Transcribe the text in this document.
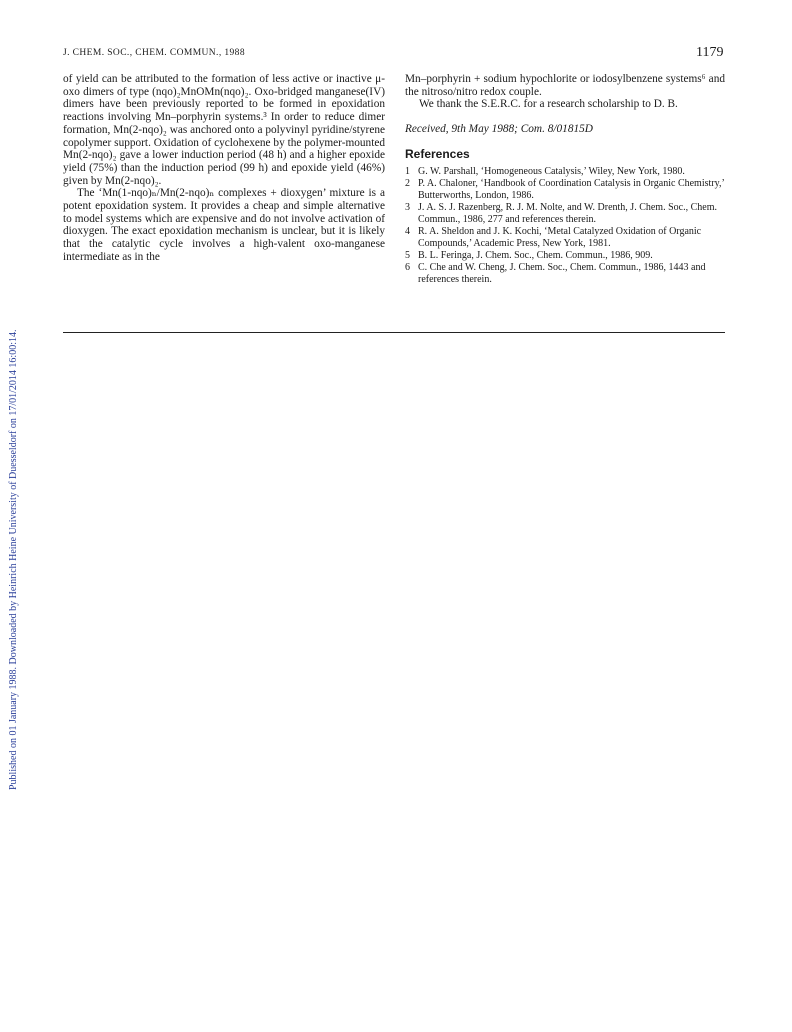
Published on 01 January 1988. Downloaded by Heinrich Heine University of Duesseldorf on 17/01/2014 16:00:14.
J. CHEM. SOC., CHEM. COMMUN., 1988	1179

of yield can be attributed to the formation of less active or inactive μ-oxo dimers of type (nqo)₂MnOMn(nqo)₂. Oxo-bridged manganese(IV) dimers have been previously reported to be formed in epoxidation reactions involving Mn–porphyrin systems.³ In order to reduce dimer formation, Mn(2-nqo)₂ was anchored onto a polyvinyl pyridine/styrene copolymer support. Oxidation of cyclohexene by the polymer-mounted Mn(2-nqo)₂ gave a lower induction period (48 h) and a higher epoxide yield (75%) than the induction period (99 h) and epoxide yield (46%) given by Mn(2-nqo)₂.

The ‘Mn(1-nqo)ₙ/Mn(2-nqo)ₙ complexes + dioxygen’ mixture is a potent epoxidation system. It provides a cheap and simple alternative to model systems which are expensive and do not involve activation of dioxygen. The exact epoxidation mechanism is unclear, but it is likely that the catalytic cycle involves a high-valent oxo-manganese intermediate as in the

Mn–porphyrin + sodium hypochlorite or iodosylbenzene systems⁶ and the nitroso/nitro redox couple.

We thank the S.E.R.C. for a research scholarship to D. B.

Received, 9th May 1988; Com. 8/01815D

References
1 G. W. Parshall, ‘Homogeneous Catalysis,’ Wiley, New York, 1980.
2 P. A. Chaloner, ‘Handbook of Coordination Catalysis in Organic Chemistry,’ Butterworths, London, 1986.
3 J. A. S. J. Razenberg, R. J. M. Nolte, and W. Drenth, J. Chem. Soc., Chem. Commun., 1986, 277 and references therein.
4 R. A. Sheldon and J. K. Kochi, ‘Metal Catalyzed Oxidation of Organic Compounds,’ Academic Press, New York, 1981.
5 B. L. Feringa, J. Chem. Soc., Chem. Commun., 1986, 909.
6 C. Che and W. Cheng, J. Chem. Soc., Chem. Commun., 1986, 1443 and references therein.
